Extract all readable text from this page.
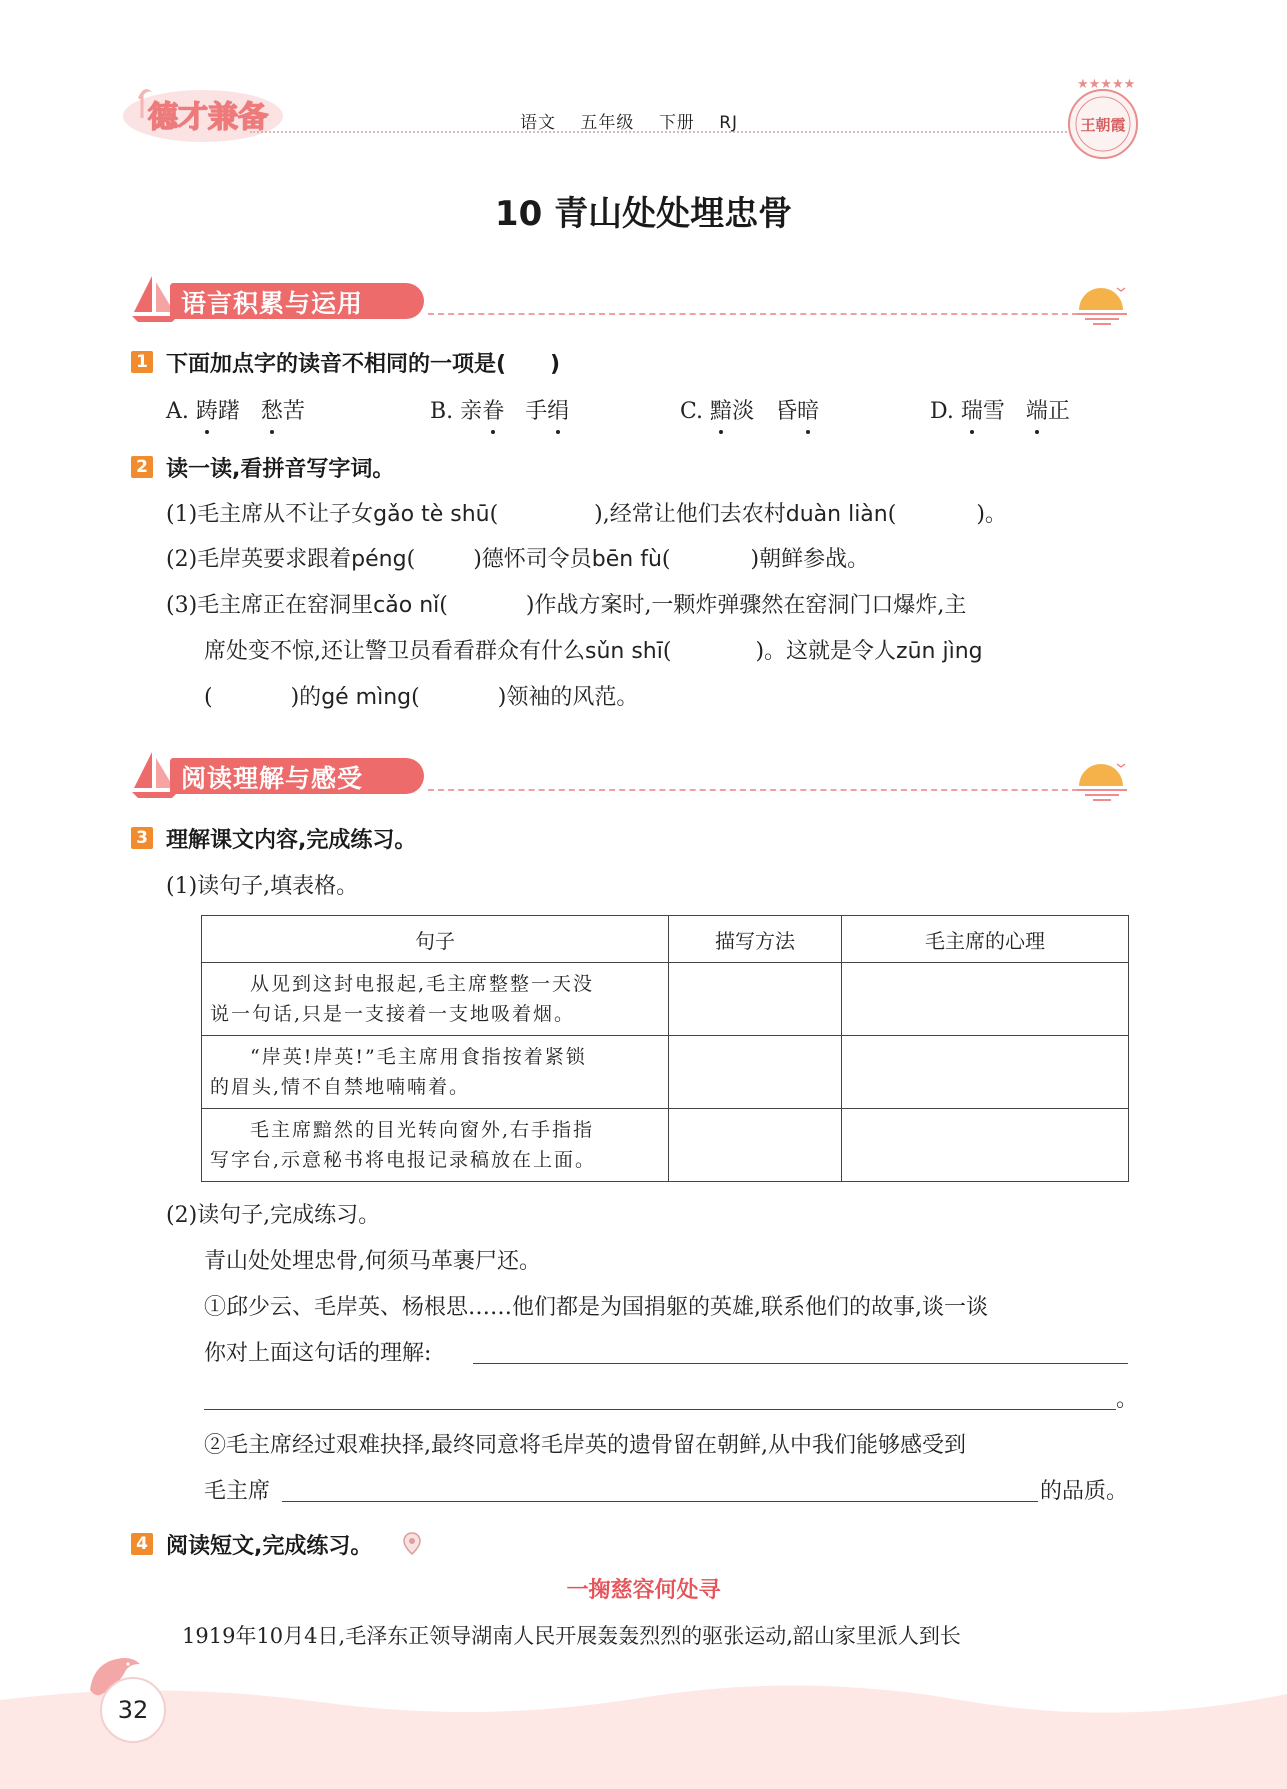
德才兼备	语文 五年级 下册 RJ
★★★★★
王朝霞
10 青山处处埋忠骨
语言积累与运用
1 下面加点字的读音不相同的一项是(　　)
A. 踌躇 愁苦	B. 亲眷 手绢	C. 黯淡 昏暗	D. 瑞雪 端正
2 读一读,看拼音写字词。
(1)毛主席从不让子女gǎo tè shū(	),经常让他们去农村duàn liàn(	)。
(2)毛岸英要求跟着péng(	)德怀司令员bēn fù(	)朝鲜参战。
(3)毛主席正在窑洞里cǎo nǐ(	)作战方案时,一颗炸弹骤然在窑洞门口爆炸,主
席处变不惊,还让警卫员看看群众有什么sǔn shī(	)。这就是令人zūn jìng
(	)的gé mìng(	)领袖的风范。
阅读理解与感受
3 理解课文内容,完成练习。
(1)读句子,填表格。
句子	描写方法	毛主席的心理

从见到这封电报起,毛主席整整一天没
说一句话,只是一支接着一支地吸着烟。		

“岸英!岸英!”毛主席用食指按着紧锁
的眉头,情不自禁地喃喃着。		

毛主席黯然的目光转向窗外,右手指指
写字台,示意秘书将电报记录稿放在上面。		

(2)读句子,完成练习。
青山处处埋忠骨,何须马革裹尸还。
①邱少云、毛岸英、杨根思……他们都是为国捐躯的英雄,联系他们的故事,谈一谈
你对上面这句话的理解:
。
②毛主席经过艰难抉择,最终同意将毛岸英的遗骨留在朝鲜,从中我们能够感受到
毛主席	的品质。
4 阅读短文,完成练习。
一掬慈容何处寻
1919年10月4日,毛泽东正领导湖南人民开展轰轰烈烈的驱张运动,韶山家里派人到长
32
